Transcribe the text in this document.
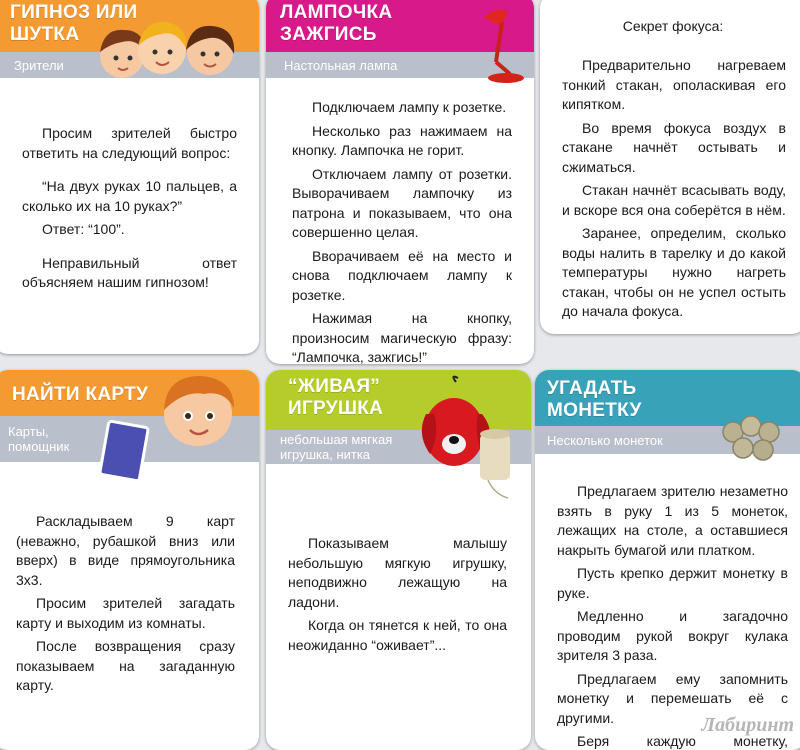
ГИПНОЗ ИЛИ
ШУТКА
Зрители

Просим зрителей быстро ответить на следующий вопрос:

“На двух руках 10 пальцев, а сколько их на 10 руках?”

Ответ: “100”.

Неправильный ответ объясняем нашим гипнозом!

ЛАМПОЧКА
ЗАЖГИСЬ
Настольная лампа

Подключаем лампу к розетке.

Несколько раз нажимаем на кнопку. Лампочка не горит.

Отключаем лампу от розетки. Выворачиваем лампочку из патрона и показываем, что она совершенно целая.

Вворачиваем её на место и снова подключаем лампу к розетке.

Нажимая на кнопку, произносим магическую фразу: “Лампочка, зажгись!”

Секрет фокуса:

Предварительно нагреваем тонкий стакан, ополаскивая его кипятком.

Во время фокуса воздух в стакане начнёт остывать и сжиматься.

Стакан начнёт всасывать воду, и вскоре вся она соберётся в нём.

Заранее, определим, сколько воды налить в тарелку и до какой температуры нужно нагреть стакан, чтобы он не успел остыть до начала фокуса.

НАЙТИ КАРТУ
Карты,
помощник

Раскладываем 9 карт (неважно, рубашкой вниз или вверх) в виде прямоугольника 3х3.

Просим зрителей загадать карту и выходим из комнаты.

После возвращения сразу показываем на загаданную карту.

“ЖИВАЯ”
ИГРУШКА
небольшая мягкая
игрушка, нитка

Показываем малышу небольшую мягкую игрушку, неподвижно лежащую на ладони.

Когда он тянется к ней, то она неожиданно “оживает”...

УГАДАТЬ
МОНЕТКУ
Несколько монеток

Предлагаем зрителю незаметно взять в руку 1 из 5 монеток, лежащих на столе, а оставшиеся накрыть бумагой или платком.

Пусть крепко держит монетку в руке.

Медленно и загадочно проводим рукой вокруг кулака зрителя 3 раза.

Предлагаем ему запомнить монетку и перемешать её с другими.

Беря каждую монетку,

Лабиринт
